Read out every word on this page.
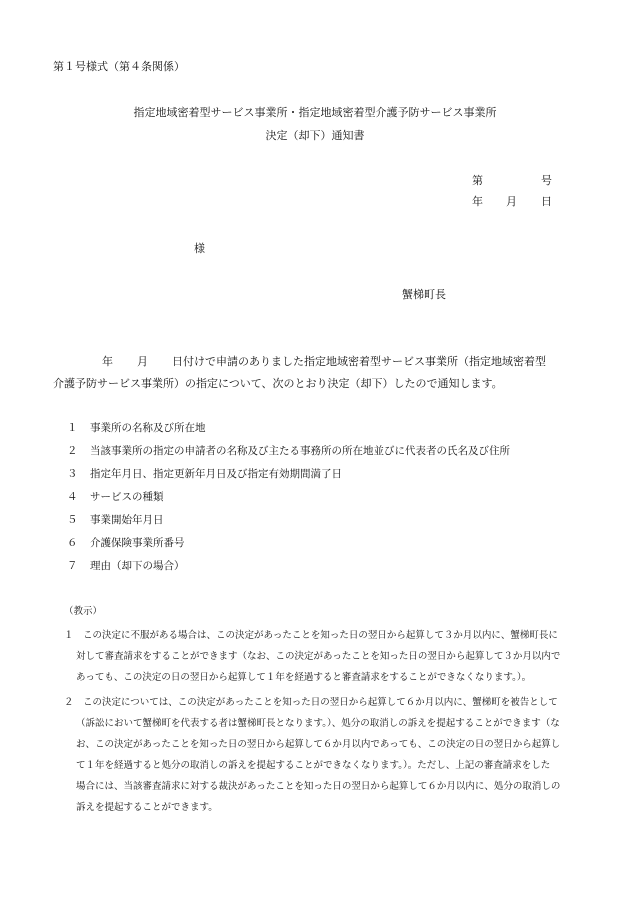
第１号様式（第４条関係）
指定地域密着型サービス事業所・指定地域密着型介護予防サービス事業所
決定（却下）通知書
第	号
年 月 日
様
蟹梯町長
年 月 日付けで申請のありました指定地域密着型サービス事業所（指定地域密着型
介護予防サービス事業所）の指定について、次のとおり決定（却下）したので通知します。
１ 事業所の名称及び所在地
２ 当該事業所の指定の申請者の名称及び主たる事務所の所在地並びに代表者の氏名及び住所
３ 指定年月日、指定更新年月日及び指定有効期間満了日
４ サービスの種類
５ 事業開始年月日
６ 介護保険事業所番号
７ 理由（却下の場合）
（教示）
１　この決定に不服がある場合は、この決定があったことを知った日の翌日から起算して３か月以内に、蟹梯町長に
対して審査請求をすることができます（なお、この決定があったことを知った日の翌日から起算して３か月以内で
あっても、この決定の日の翌日から起算して１年を経過すると審査請求をすることができなくなります。）。
２　この決定については、この決定があったことを知った日の翌日から起算して６か月以内に、蟹梯町を被告として
（訴訟において蟹梯町を代表する者は蟹梯町長となります。）、処分の取消しの訴えを提起することができます（な
お、この決定があったことを知った日の翌日から起算して６か月以内であっても、この決定の日の翌日から起算し
て１年を経過すると処分の取消しの訴えを提起することができなくなります。）。ただし、上記の審査請求をした
場合には、当該審査請求に対する裁決があったことを知った日の翌日から起算して６か月以内に、処分の取消しの
訴えを提起することができます。
